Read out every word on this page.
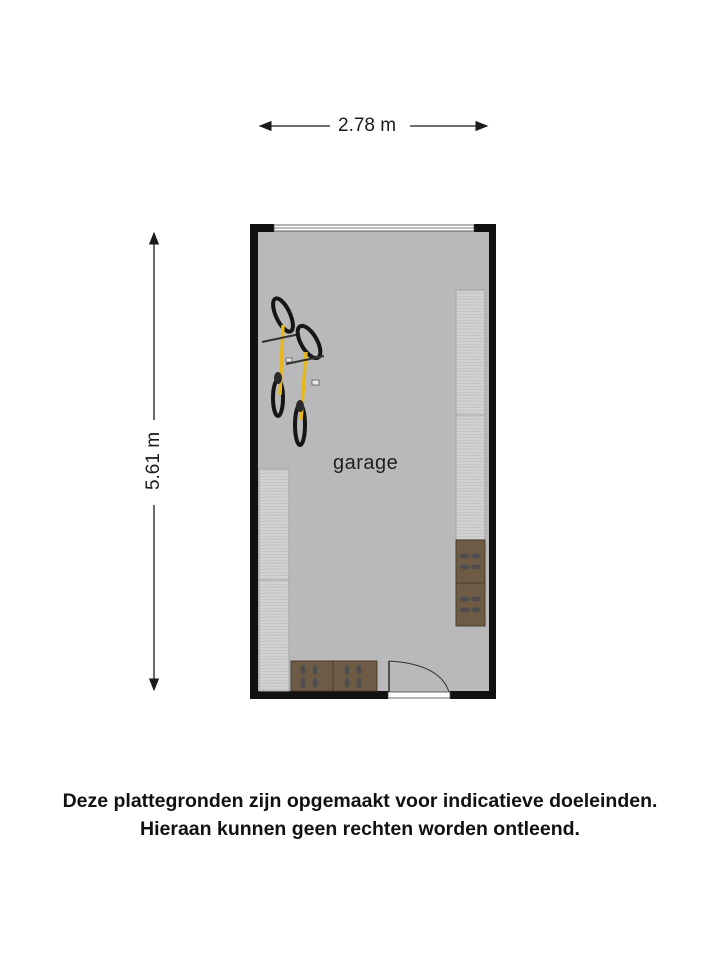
2.78 m
5.61 m	garage
Deze plattegronden zijn opgemaakt voor indicatieve doeleinden.
Hieraan kunnen geen rechten worden ontleend.
